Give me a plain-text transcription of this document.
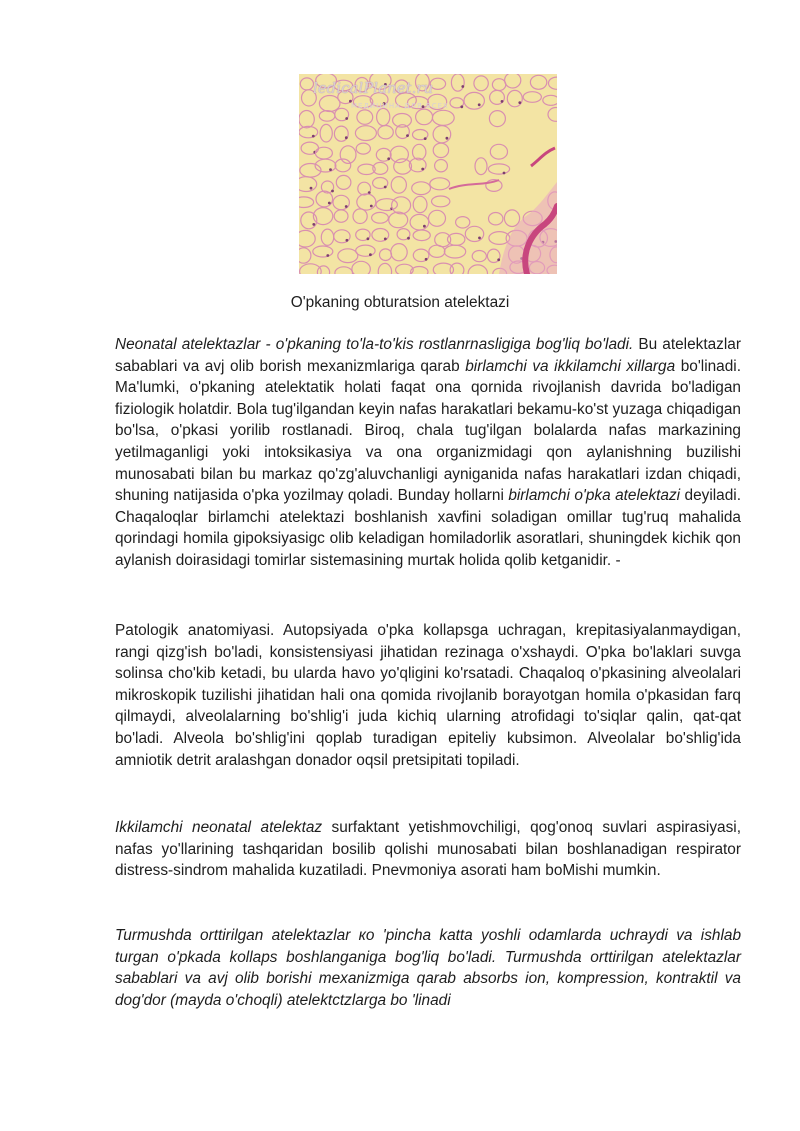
ledicalPlanet.ru
МЕДИЦИНА ДЛЯ ВСЕХ
O'pkaning obturatsion atelektazi

Neonatal atelektazlar - o'pkaning to'la-to'kis rostlanrnasligiga bog'liq bo'ladi. Bu atelektazlar sabablari va avj olib borish mexanizmlariga qarab birlamchi va ikkilamchi xillarga bo'linadi. Ma'lumki, o'pkaning atelektatik holati faqat ona qornida rivojlanish davrida bo'ladigan fiziologik holatdir. Bola tug'ilgandan keyin nafas harakatlari bekamu-ko'st yuzaga chiqadigan bo'lsa, o'pkasi yorilib rostlanadi. Biroq, chala tug'ilgan bolalarda nafas markazining yetilmaganligi yoki intoksikasiya va ona organizmidagi qon aylanishning buzilishi munosabati bilan bu markaz qo'zg'aluvchanligi ayniganida nafas harakatlari izdan chiqadi, shuning natijasida o'pka yozilmay qoladi. Bunday hollarni birlamchi o'pka atelektazi deyiladi. Chaqaloqlar birlamchi atelektazi boshlanish xavfini soladigan omillar tug'ruq mahalida qorindagi homila gipoksiyasigc olib keladigan homiladorlik asoratlari, shuningdek kichik qon aylanish doirasidagi tomirlar sistemasining murtak holida qolib ketganidir. -

Patologik anatomiyasi. Autopsiyada o'pka kollapsga uchragan, krepitasiyalanmaydigan, rangi qizg'ish bo'ladi, konsistensiyasi jihatidan rezinaga o'xshaydi. O'pka bo'laklari suvga solinsa cho'kib ketadi, bu ularda havo yo'qligini ko'rsatadi. Chaqaloq o'pkasining alveolalari mikroskopik tuzilishi jihatidan hali ona qomida rivojlanib borayotgan homila o'pkasidan farq qilmaydi, alveolalarning bo'shlig'i juda kichiq ularning atrofidagi to'siqlar qalin, qat-qat bo'ladi. Alveola bo'shlig'ini qoplab turadigan epiteliy kubsimon. Alveolalar bo'shlig'ida amniotik detrit aralashgan donador oqsil pretsipitati topiladi.

Ikkilamchi neonatal atelektaz surfaktant yetishmovchiligi, qog'onoq suvlari aspirasiyasi, nafas yo'llarining tashqaridan bosilib qolishi munosabati bilan boshlanadigan respirator distress-sindrom mahalida kuzatiladi. Pnevmoniya asorati ham boMishi mumkin.

Turmushda orttirilgan atelektazlar ко 'pincha katta yoshli odamlarda uchraydi va ishlab turgan o'pkada kollaps boshlanganiga bog'liq bo'ladi. Turmushda orttirilgan atelektazlar sabablari va avj olib borishi mexanizmiga qarab absorbs ion, kompression, kontraktil va dog'dor (mayda o'choqli) atelektctzlarga bo 'linadi
